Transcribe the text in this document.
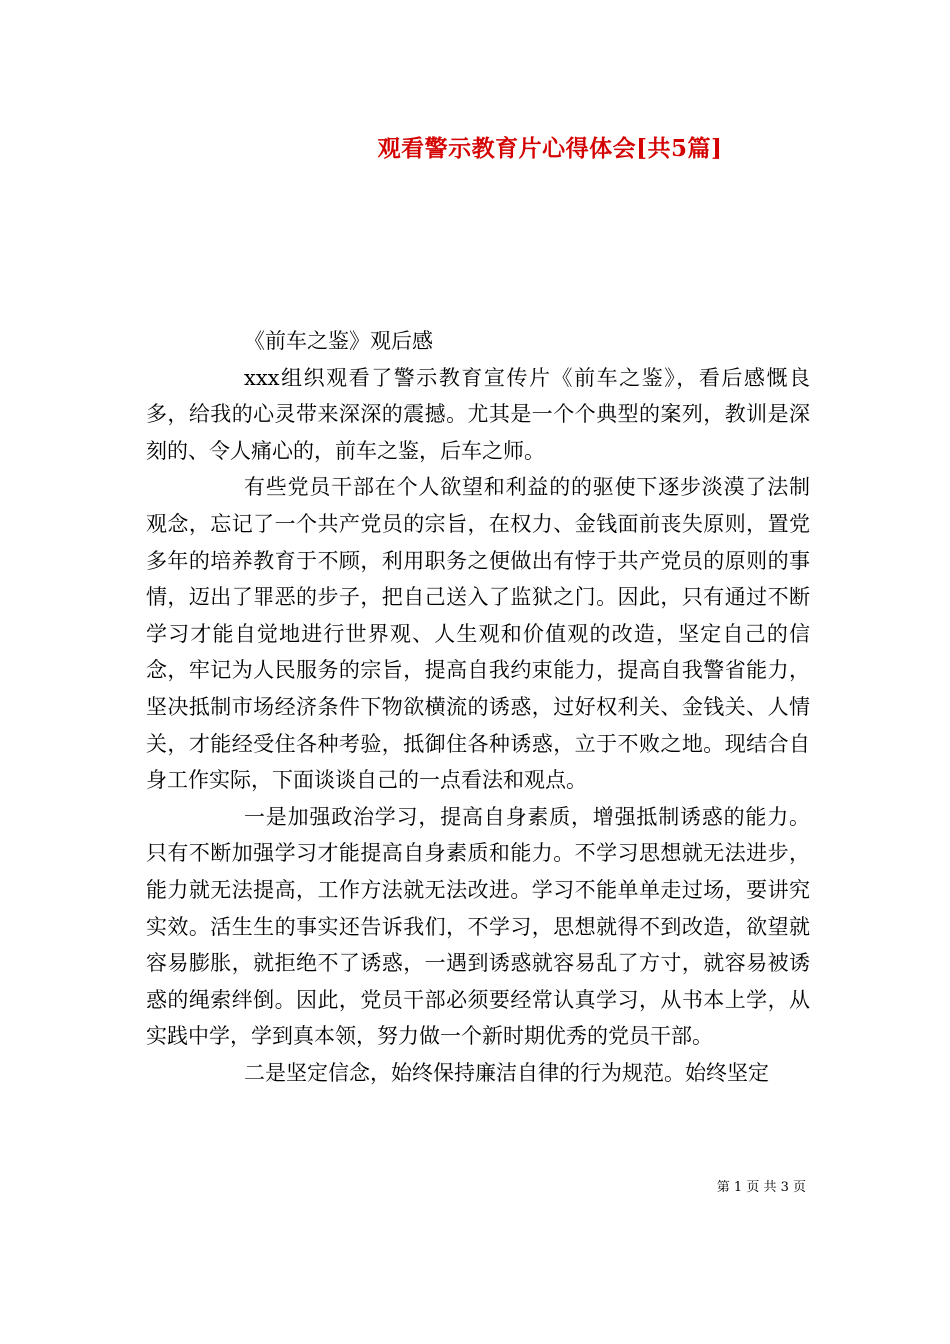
观看警示教育片心得体会[共5篇]

《前车之鉴》观后感

xxx组织观看了警示教育宣传片《前车之鉴》，看后感慨良多，给我的心灵带来深深的震撼。尤其是一个个典型的案列，教训是深刻的、令人痛心的，前车之鉴，后车之师。

有些党员干部在个人欲望和利益的的驱使下逐步淡漠了法制观念，忘记了一个共产党员的宗旨，在权力、金钱面前丧失原则，置党多年的培养教育于不顾，利用职务之便做出有悖于共产党员的原则的事情，迈出了罪恶的步子，把自己送入了监狱之门。因此，只有通过不断学习才能自觉地进行世界观、人生观和价值观的改造，坚定自己的信念，牢记为人民服务的宗旨，提高自我约束能力，提高自我警省能力，坚决抵制市场经济条件下物欲横流的诱惑，过好权利关、金钱关、人情关，才能经受住各种考验，抵御住各种诱惑，立于不败之地。现结合自身工作实际，下面谈谈自己的一点看法和观点。

一是加强政治学习，提高自身素质，增强抵制诱惑的能力。只有不断加强学习才能提高自身素质和能力。不学习思想就无法进步，能力就无法提高，工作方法就无法改进。学习不能单单走过场，要讲究实效。活生生的事实还告诉我们，不学习，思想就得不到改造，欲望就容易膨胀，就拒绝不了诱惑，一遇到诱惑就容易乱了方寸，就容易被诱惑的绳索绊倒。因此，党员干部必须要经常认真学习，从书本上学，从实践中学，学到真本领，努力做一个新时期优秀的党员干部。

二是坚定信念，始终保持廉洁自律的行为规范。始终坚定

第 1 页 共 3 页
